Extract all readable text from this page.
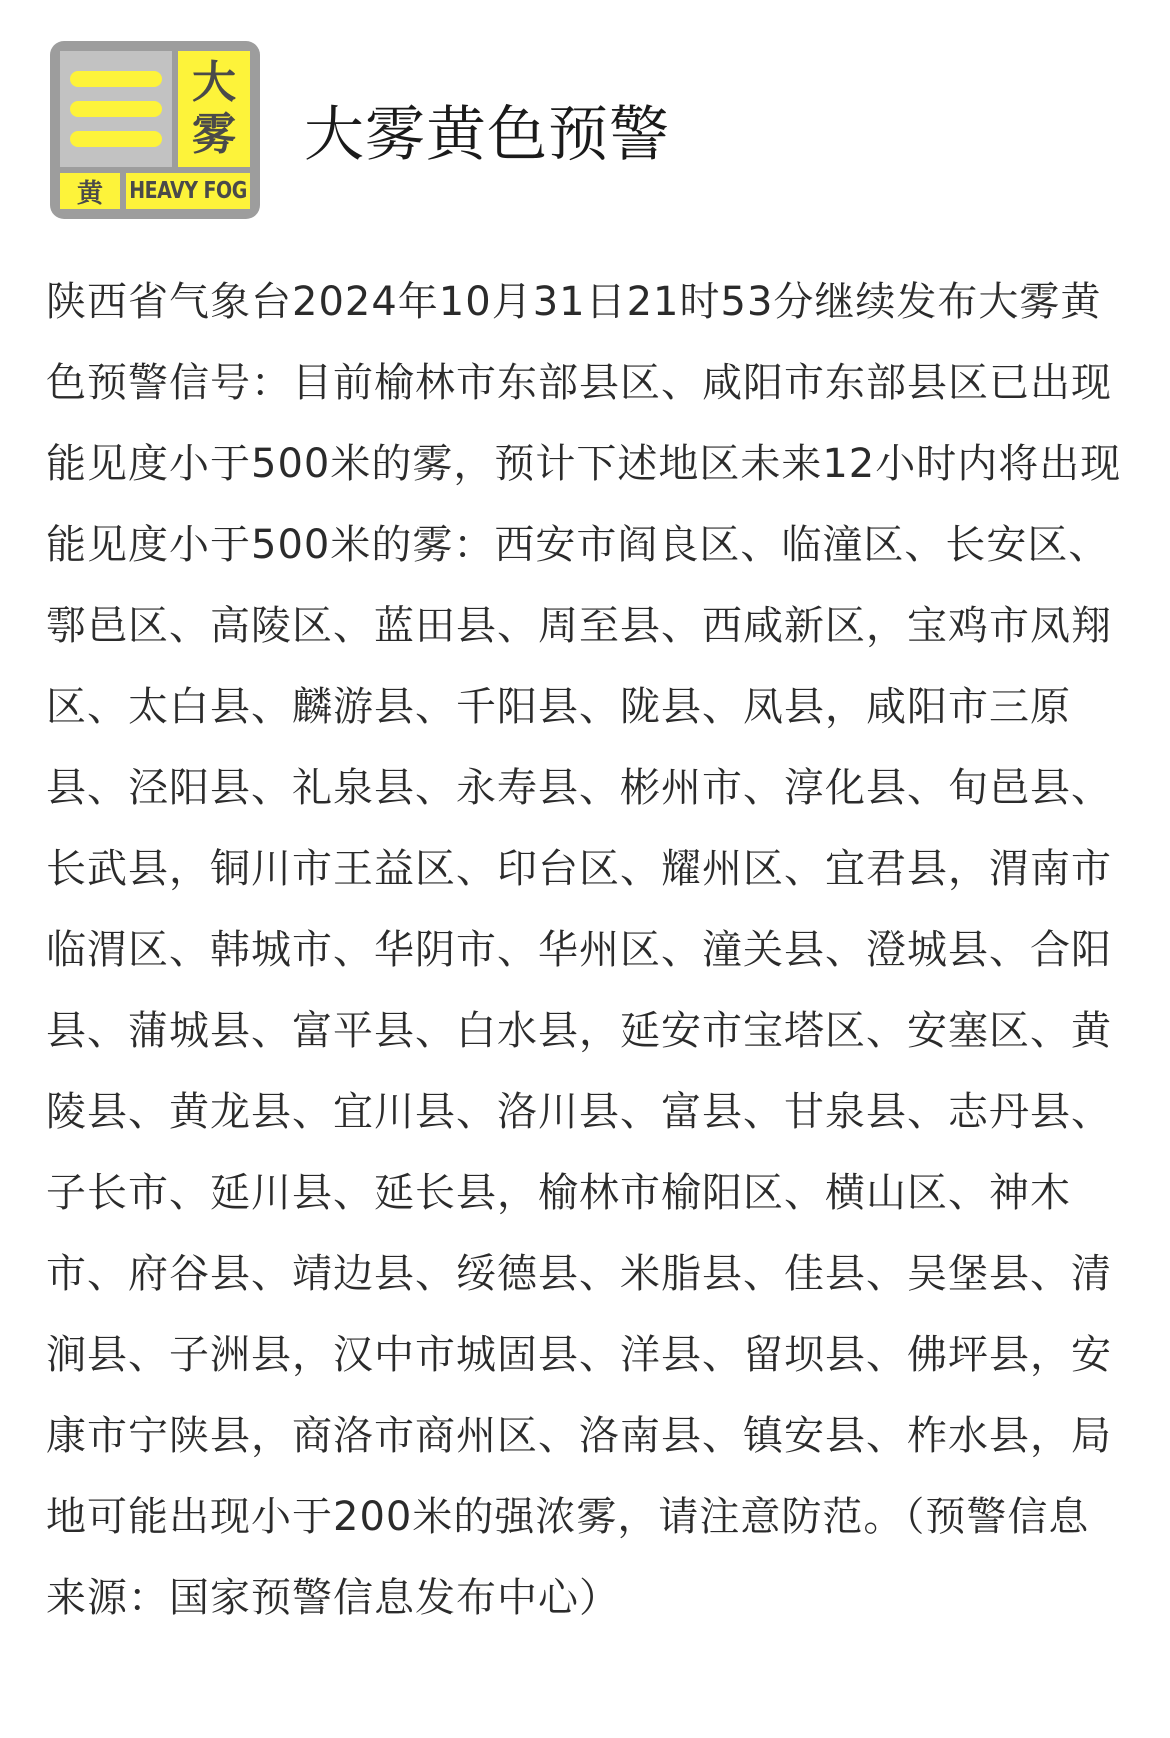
大
雾
黄 HEAVY FOG
大雾黄色预警

陕西省气象台2024年10月31日21时53分继续发布大雾黄色预警信号：目前榆林市东部县区、咸阳市东部县区已出现能见度小于500米的雾，预计下述地区未来12小时内将出现能见度小于500米的雾：西安市阎良区、临潼区、长安区、鄠邑区、高陵区、蓝田县、周至县、西咸新区，宝鸡市凤翔区、太白县、麟游县、千阳县、陇县、凤县，咸阳市三原县、泾阳县、礼泉县、永寿县、彬州市、淳化县、旬邑县、长武县，铜川市王益区、印台区、耀州区、宜君县，渭南市临渭区、韩城市、华阴市、华州区、潼关县、澄城县、合阳县、蒲城县、富平县、白水县，延安市宝塔区、安塞区、黄陵县、黄龙县、宜川县、洛川县、富县、甘泉县、志丹县、子长市、延川县、延长县，榆林市榆阳区、横山区、神木市、府谷县、靖边县、绥德县、米脂县、佳县、吴堡县、清涧县、子洲县，汉中市城固县、洋县、留坝县、佛坪县，安康市宁陕县，商洛市商州区、洛南县、镇安县、柞水县，局地可能出现小于200米的强浓雾，请注意防范。（预警信息来源：国家预警信息发布中心）
